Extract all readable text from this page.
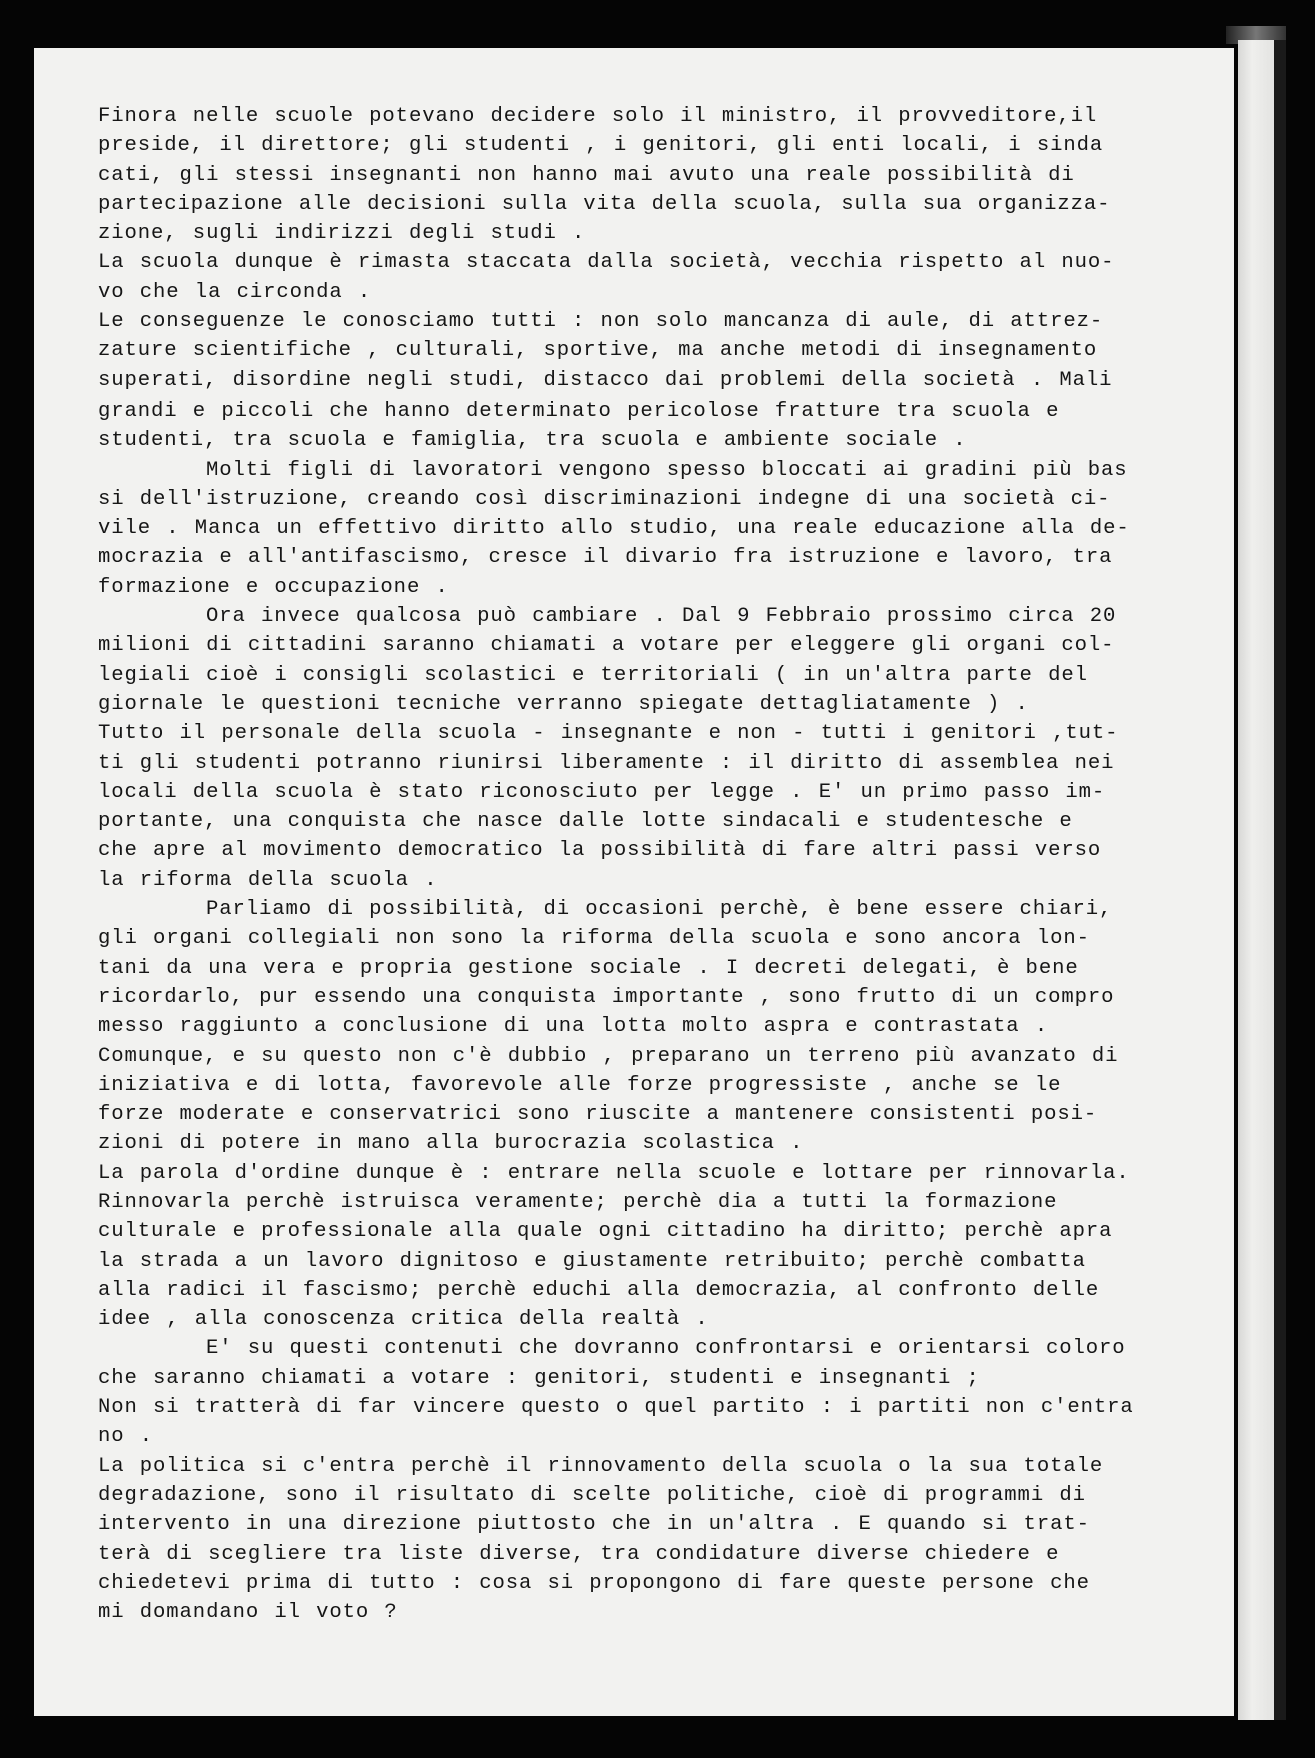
Finora nelle scuole potevano decidere solo il ministro, il provveditore,il
preside, il direttore; gli studenti , i genitori, gli enti locali, i sinda
cati, gli stessi insegnanti non hanno mai avuto una reale possibilità di
partecipazione alle decisioni sulla vita della scuola, sulla sua organizza-
zione, sugli indirizzi degli studi .
La scuola dunque è rimasta staccata dalla società, vecchia rispetto al nuo-
vo che la circonda .
Le conseguenze le conosciamo tutti : non solo mancanza di aule, di attrez-
zature scientifiche , culturali, sportive, ma anche metodi di insegnamento
superati, disordine negli studi, distacco dai problemi della società . Mali
grandi e piccoli che hanno determinato pericolose fratture tra scuola e
studenti, tra scuola e famiglia, tra scuola e ambiente sociale .
Molti figli di lavoratori vengono spesso bloccati ai gradini più bas
si dell'istruzione, creando così discriminazioni indegne di una società ci-
vile . Manca un effettivo diritto allo studio, una reale educazione alla de-
mocrazia e all'antifascismo, cresce il divario fra istruzione e lavoro, tra
formazione e occupazione .
Ora invece qualcosa può cambiare . Dal 9 Febbraio prossimo circa 20
milioni di cittadini saranno chiamati a votare per eleggere gli organi col-
legiali cioè i consigli scolastici e territoriali ( in un'altra parte del
giornale le questioni tecniche verranno spiegate dettagliatamente ) .
Tutto il personale della scuola - insegnante e non - tutti i genitori ,tut-
ti gli studenti potranno riunirsi liberamente : il diritto di assemblea nei
locali della scuola è stato riconosciuto per legge . E' un primo passo im-
portante, una conquista che nasce dalle lotte sindacali e studentesche e
che apre al movimento democratico la possibilità di fare altri passi verso
la riforma della scuola .
Parliamo di possibilità, di occasioni perchè, è bene essere chiari,
gli organi collegiali non sono la riforma della scuola e sono ancora lon-
tani da una vera e propria gestione sociale . I decreti delegati, è bene
ricordarlo, pur essendo una conquista importante , sono frutto di un compro
messo raggiunto a conclusione di una lotta molto aspra e contrastata .
Comunque, e su questo non c'è dubbio , preparano un terreno più avanzato di
iniziativa e di lotta, favorevole alle forze progressiste , anche se le
forze moderate e conservatrici sono riuscite a mantenere consistenti posi-
zioni di potere in mano alla burocrazia scolastica .
La parola d'ordine dunque è : entrare nella scuole e lottare per rinnovarla.
Rinnovarla perchè istruisca veramente; perchè dia a tutti la formazione
culturale e professionale alla quale ogni cittadino ha diritto; perchè apra
la strada a un lavoro dignitoso e giustamente retribuito; perchè combatta
alla radici il fascismo; perchè educhi alla democrazia, al confronto delle
idee , alla conoscenza critica della realtà .
E' su questi contenuti che dovranno confrontarsi e orientarsi coloro
che saranno chiamati a votare : genitori, studenti e insegnanti ;
Non si tratterà di far vincere questo o quel partito : i partiti non c'entra
no .
La politica si c'entra perchè il rinnovamento della scuola o la sua totale
degradazione, sono il risultato di scelte politiche, cioè di programmi di
intervento in una direzione piuttosto che in un'altra . E quando si trat-
terà di scegliere tra liste diverse, tra condidature diverse chiedere e
chiedetevi prima di tutto : cosa si propongono di fare queste persone che
mi domandano il voto ?
